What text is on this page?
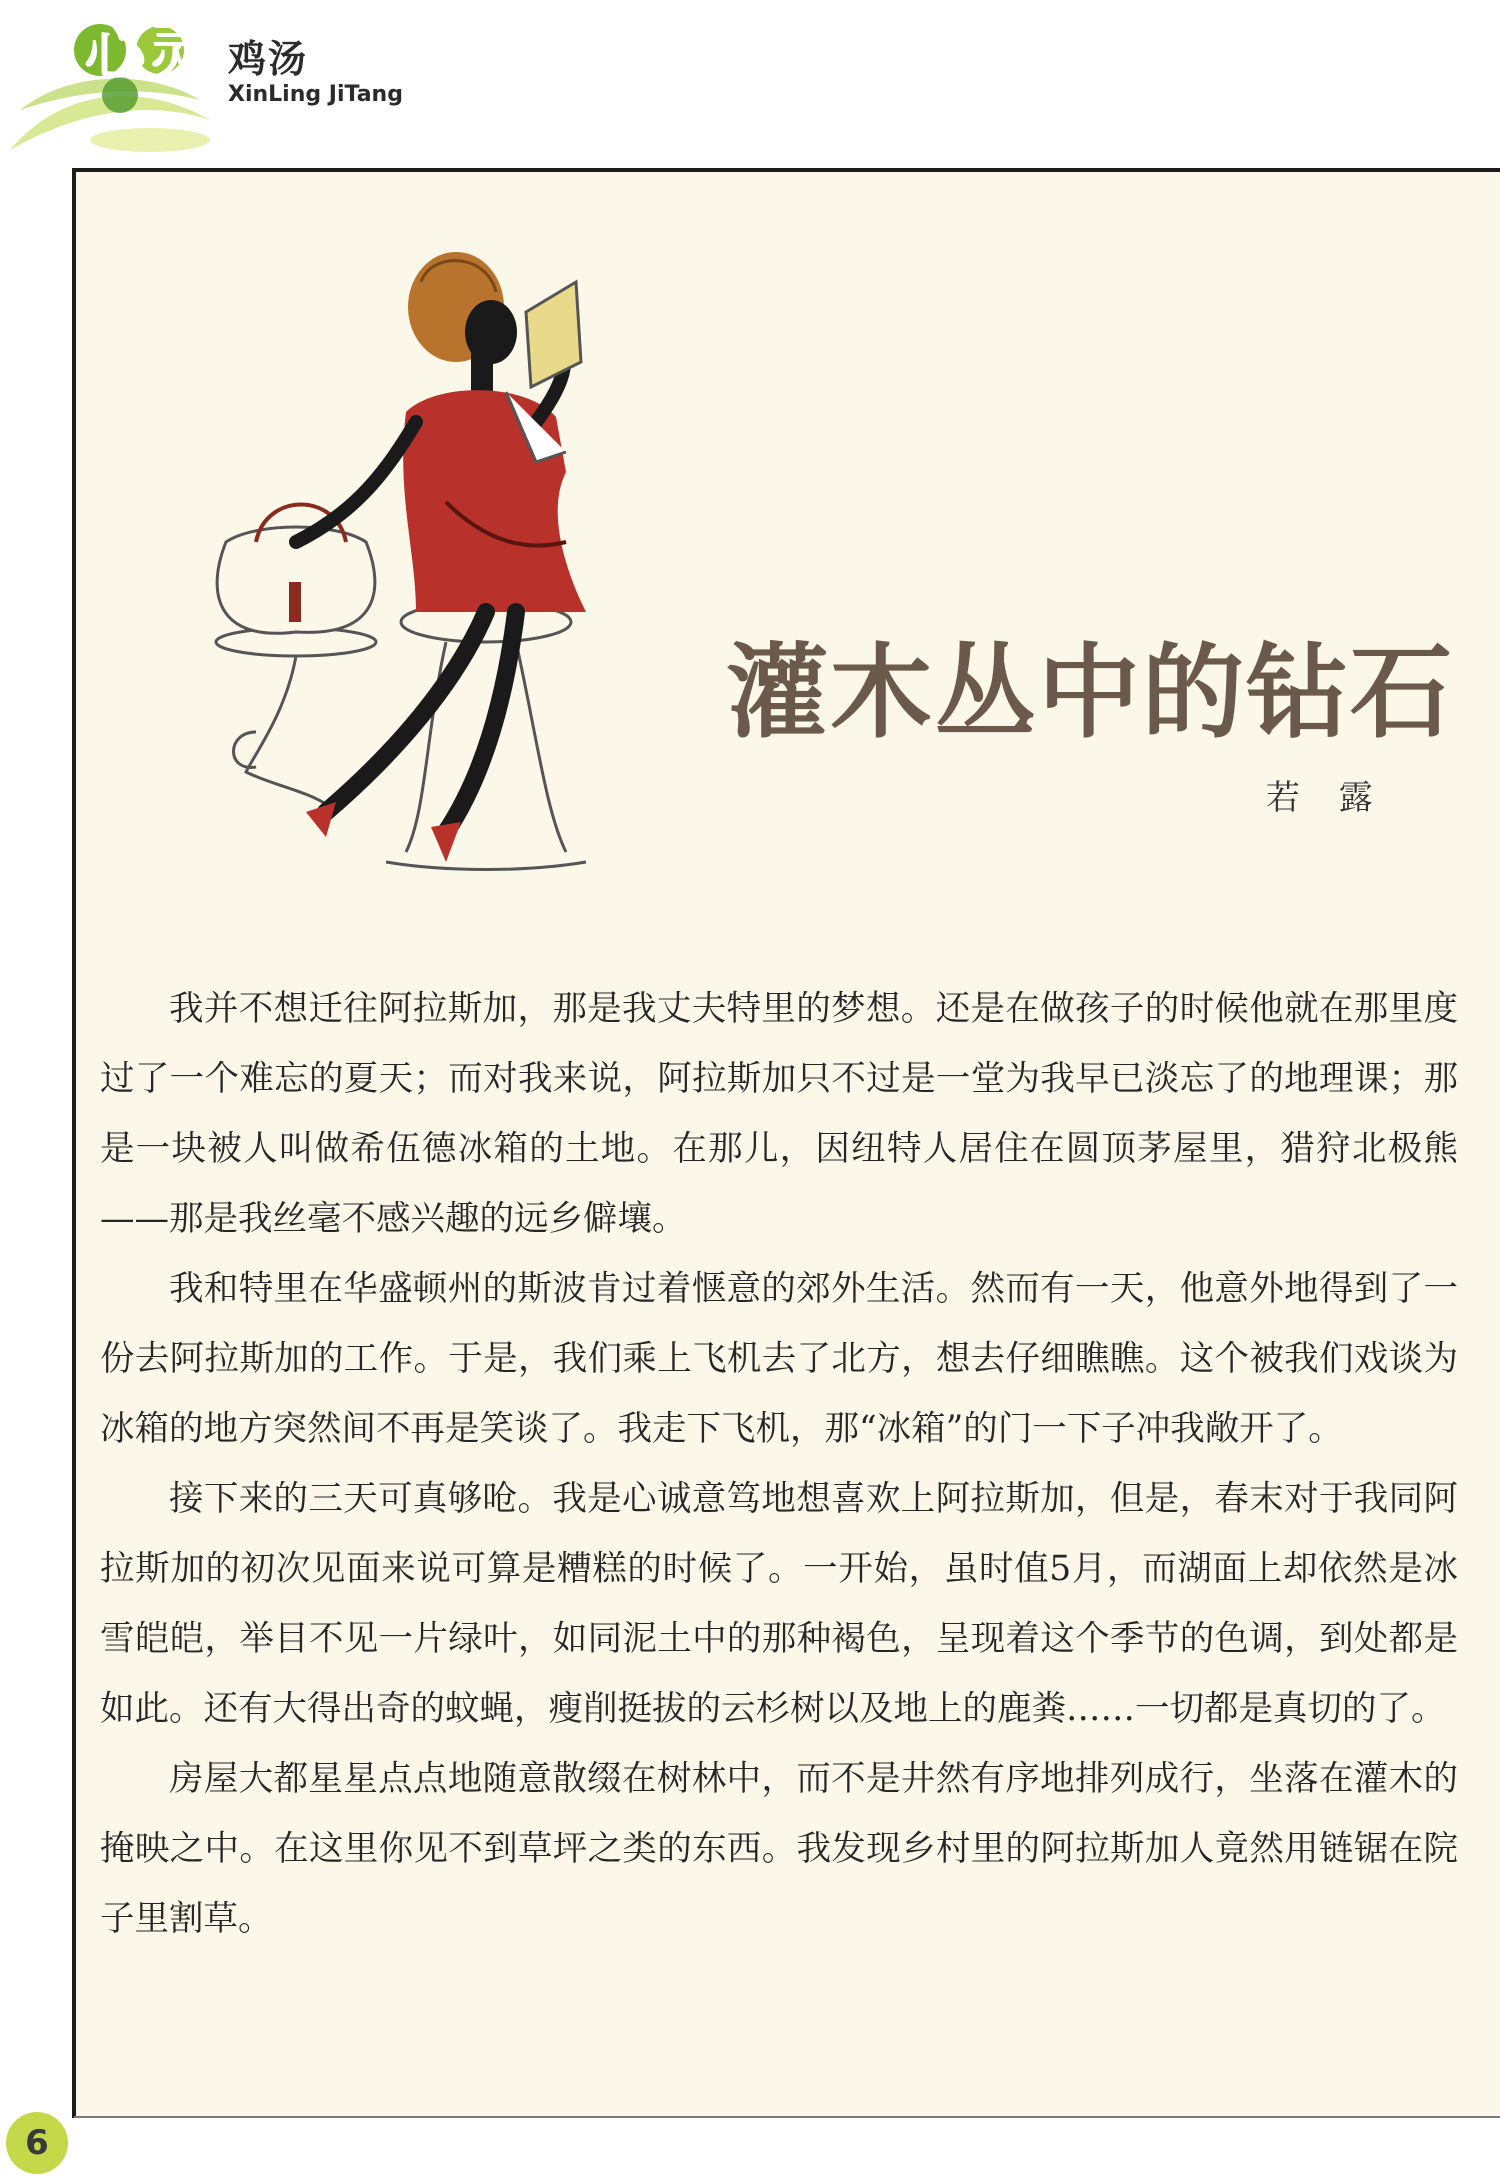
心灵 鸡汤
XinLing JiTang
灌木丛中的钻石
若 露

我并不想迁往阿拉斯加，那是我丈夫特里的梦想。还是在做孩子的时候他就在那里度过了一个难忘的夏天；而对我来说，阿拉斯加只不过是一堂为我早已淡忘了的地理课；那是一块被人叫做希伍德冰箱的土地。在那儿，因纽特人居住在圆顶茅屋里，猎狩北极熊——那是我丝毫不感兴趣的远乡僻壤。

我和特里在华盛顿州的斯波肯过着惬意的郊外生活。然而有一天，他意外地得到了一份去阿拉斯加的工作。于是，我们乘上飞机去了北方，想去仔细瞧瞧。这个被我们戏谈为冰箱的地方突然间不再是笑谈了。我走下飞机，那“冰箱”的门一下子冲我敞开了。

接下来的三天可真够呛。我是心诚意笃地想喜欢上阿拉斯加，但是，春末对于我同阿拉斯加的初次见面来说可算是糟糕的时候了。一开始，虽时值5月，而湖面上却依然是冰雪皑皑，举目不见一片绿叶，如同泥土中的那种褐色，呈现着这个季节的色调，到处都是如此。还有大得出奇的蚊蝇，瘦削挺拔的云杉树以及地上的鹿粪……一切都是真切的了。

房屋大都星星点点地随意散缀在树林中，而不是井然有序地排列成行，坐落在灌木的掩映之中。在这里你见不到草坪之类的东西。我发现乡村里的阿拉斯加人竟然用链锯在院子里割草。

6
